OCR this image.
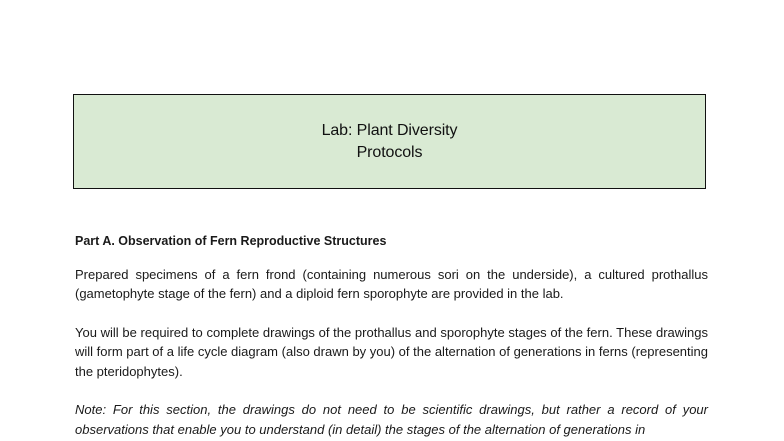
Lab: Plant Diversity
Protocols

Part A. Observation of Fern Reproductive Structures

Prepared specimens of a fern frond (containing numerous sori on the underside), a cultured prothallus (gametophyte stage of the fern) and a diploid fern sporophyte are provided in the lab.

You will be required to complete drawings of the prothallus and sporophyte stages of the fern. These drawings will form part of a life cycle diagram (also drawn by you) of the alternation of generations in ferns (representing the pteridophytes).

Note: For this section, the drawings do not need to be scientific drawings, but rather a record of your observations that enable you to understand (in detail) the stages of the alternation of generations in
